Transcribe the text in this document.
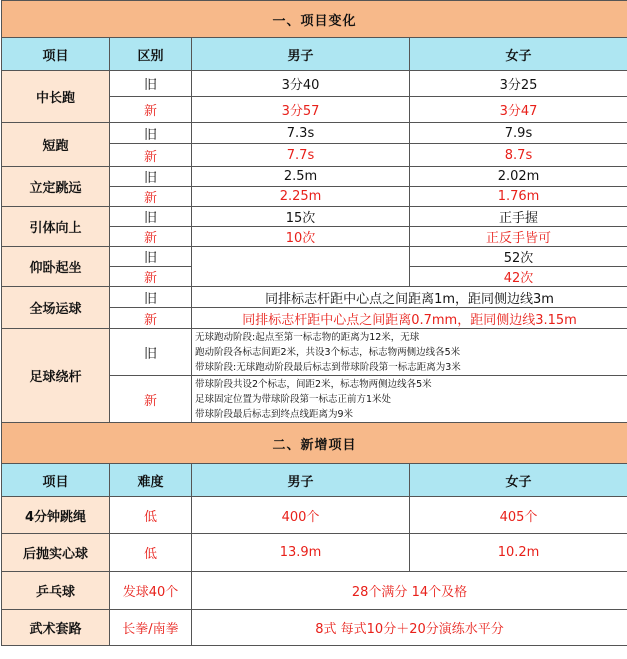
一、项目变化			
项目	区别	男子	女子
中长跑	旧	3分40	3分25
	新	3分57	3分47
短跑	旧	7.3s	7.9s
	新	7.7s	8.7s
立定跳远	旧	2.5m	2.02m
	新	2.25m	1.76m
引体向上	旧	15次	正手握
	新	10次	正反手皆可
仰卧起坐	旧		52次
	新		42次
全场运球	旧	同排标志杆距中心点之间距离1m，距同侧边线3m	
	新	同排标志杆距中心点之间距离0.7mm，距同侧边线3.15m	
足球绕杆	旧	无球跑动阶段:起点至第一标志物的距离为12米，无球
跑动阶段各标志间距2米，共设3个标志，标志物两侧边线各5米
带球阶段:无球跑动阶段最后标志到带球阶段第一标志距离为3米	

	新	带球阶段共设2个标志，间距2米，标志物两侧边线各5米
足球固定位置为带球阶段第一标志正前方1米处
带球阶段最后标志到终点线距离为9米	

二、新增项目			
项目	难度	男子	女子
4分钟跳绳	低	400个	405个
后抛实心球	低	13.9m	10.2m
乒乓球	发球40个	28个满分 14个及格	
武术套路	长拳/南拳	8式 每式10分＋20分演练水平分	
